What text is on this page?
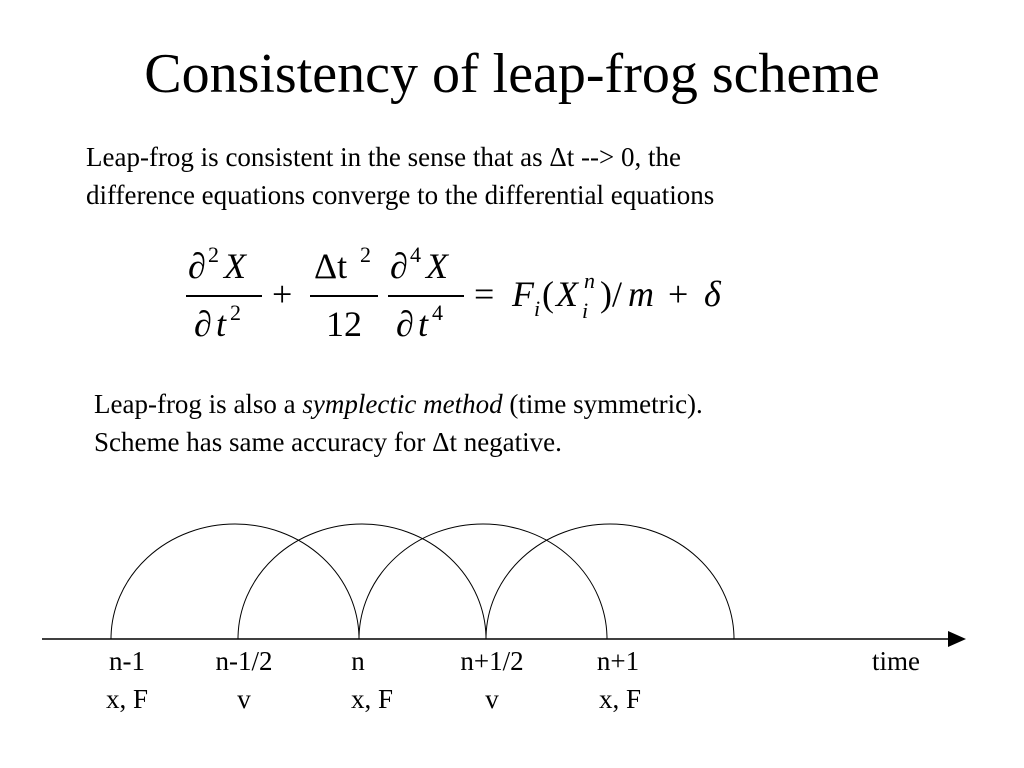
Consistency of leap-frog scheme
Leap-frog is consistent in the sense that as Δt --> 0, the
difference equations converge to the differential equations
∂ 2 X
∂ t 2 +
Δt 2
12
∂ 4 X
∂ t 4 = F i ( X n
i )/ m + δ
Leap-frog is also a symplectic method (time symmetric).
Scheme has same accuracy for Δt negative.
n-1
x, F
n-1/2
v
n
x, F
n+1/2
v
n+1
x, F
time
